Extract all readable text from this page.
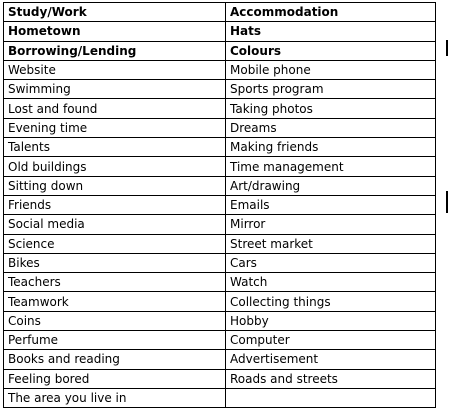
Study/Work	Accommodation
Hometown	Hats
Borrowing/Lending	Colours
Website	Mobile phone
Swimming	Sports program
Lost and found	Taking photos
Evening time	Dreams
Talents	Making friends
Old buildings	Time management
Sitting down	Art/drawing
Friends	Emails
Social media	Mirror
Science	Street market
Bikes	Cars
Teachers	Watch
Teamwork	Collecting things
Coins	Hobby
Perfume	Computer
Books and reading	Advertisement
Feeling bored	Roads and streets
The area you live in	
